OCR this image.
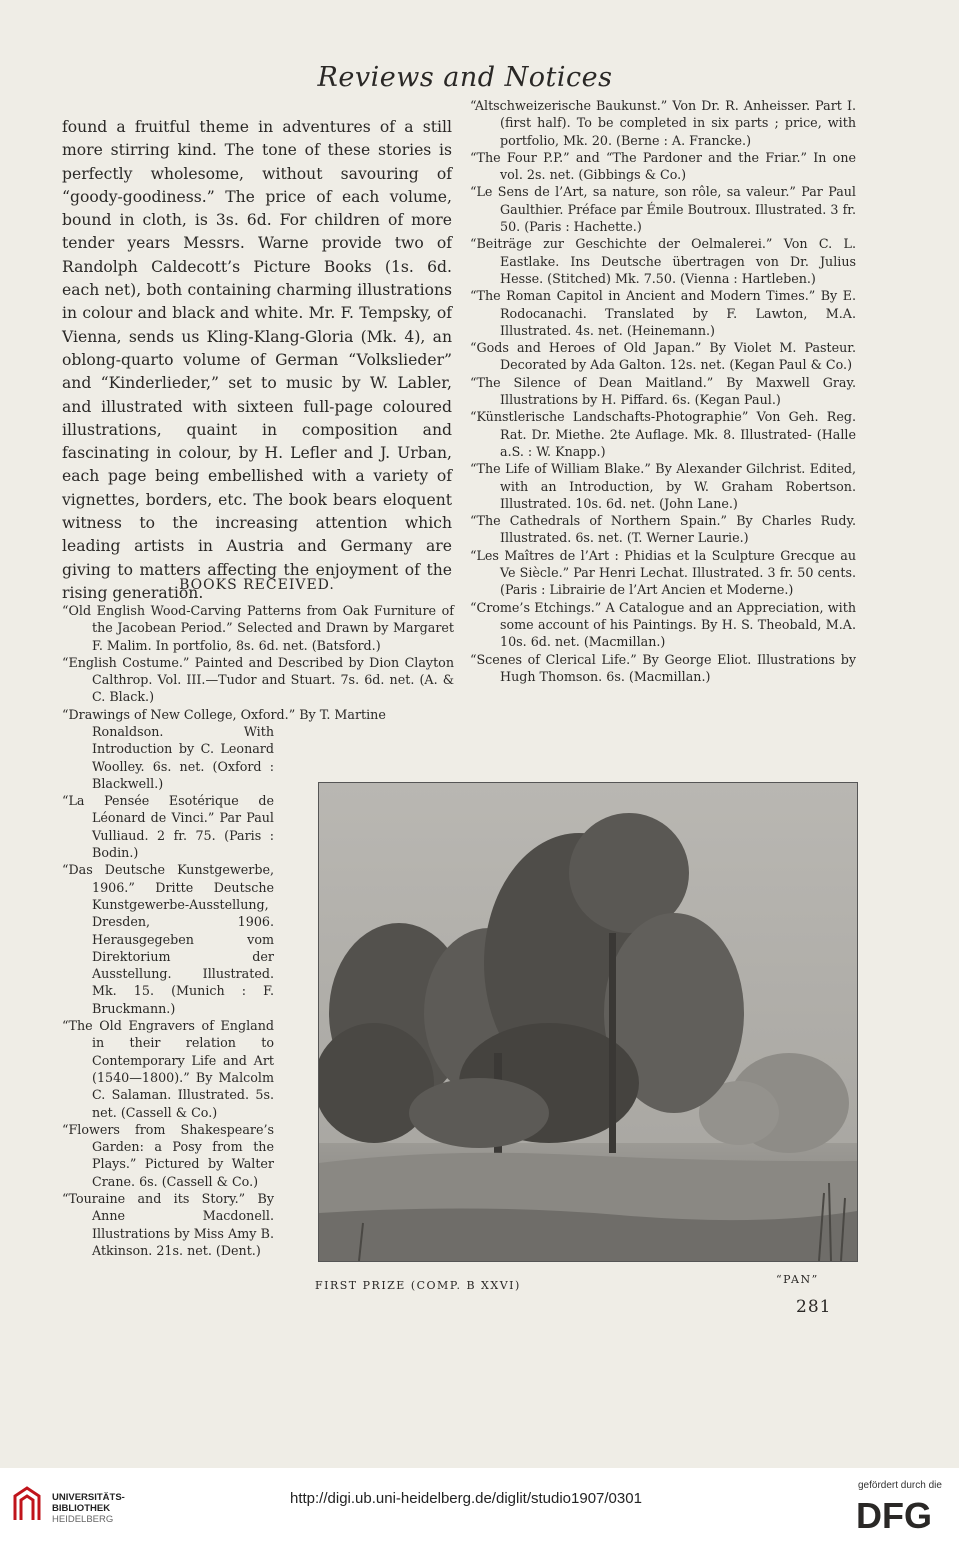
Reviews and Notices

found a fruitful theme in adventures of a still more stirring kind. The tone of these stories is perfectly wholesome, without savouring of “goody-goodiness.” The price of each volume, bound in cloth, is 3s. 6d. For children of more tender years Messrs. Warne provide two of Randolph Caldecott’s Picture Books (1s. 6d. each net), both containing charming illustrations in colour and black and white. Mr. F. Tempsky, of Vienna, sends us Kling-Klang-Gloria (Mk. 4), an oblong-quarto volume of German “Volkslieder” and “Kinderlieder,” set to music by W. Labler, and illustrated with sixteen full-page coloured illustrations, quaint in composition and fascinating in colour, by H. Lefler and J. Urban, each page being embellished with a variety of vignettes, borders, etc. The book bears eloquent witness to the increasing attention which leading artists in Austria and Germany are giving to matters affecting the enjoyment of the rising generation.

BOOKS RECEIVED.

“Old English Wood-Carving Patterns from Oak Furniture of the Jacobean Period.” Selected and Drawn by Margaret F. Malim. In portfolio, 8s. 6d. net. (Batsford.)

“English Costume.” Painted and Described by Dion Clayton Calthrop. Vol. III.—Tudor and Stuart. 7s. 6d. net. (A. & C. Black.)

“Drawings of New College, Oxford.” By T. Martine

Ronaldson. With Introduction by C. Leonard Woolley. 6s. net. (Oxford : Blackwell.)

“La Pensée Esotérique de Léonard de Vinci.” Par Paul Vulliaud. 2 fr. 75. (Paris : Bodin.)

“Das Deutsche Kunstgewerbe, 1906.” Dritte Deutsche Kunstgewerbe-Ausstellung, Dresden, 1906. Herausgegeben vom Direktorium der Ausstellung. Illustrated. Mk. 15. (Munich : F. Bruckmann.)

“The Old Engravers of England in their relation to Contemporary Life and Art (1540—1800).” By Malcolm C. Salaman. Illustrated. 5s. net. (Cassell & Co.)

“Flowers from Shakespeare’s Garden: a Posy from the Plays.” Pictured by Walter Crane. 6s. (Cassell & Co.)

“Touraine and its Story.” By Anne Macdonell. Illustrations by Miss Amy B. Atkinson. 21s. net. (Dent.)

“Altschweizerische Baukunst.” Von Dr. R. Anheisser. Part I. (first half). To be completed in six parts ; price, with portfolio, Mk. 20. (Berne : A. Francke.)

“The Four P.P.” and “The Pardoner and the Friar.” In one vol. 2s. net. (Gibbings & Co.)

“Le Sens de l’Art, sa nature, son rôle, sa valeur.” Par Paul Gaulthier. Préface par Émile Boutroux. Illustrated. 3 fr. 50. (Paris : Hachette.)

“Beiträge zur Geschichte der Oelmalerei.” Von C. L. Eastlake. Ins Deutsche übertragen von Dr. Julius Hesse. (Stitched) Mk. 7.50. (Vienna : Hartleben.)

“The Roman Capitol in Ancient and Modern Times.” By E. Rodocanachi. Translated by F. Lawton, M.A. Illustrated. 4s. net. (Heinemann.)

“Gods and Heroes of Old Japan.” By Violet M. Pasteur. Decorated by Ada Galton. 12s. net. (Kegan Paul & Co.)

“The Silence of Dean Maitland.” By Maxwell Gray. Illustrations by H. Piffard. 6s. (Kegan Paul.)

“Künstlerische Landschafts-Photographie” Von Geh. Reg. Rat. Dr. Miethe. 2te Auflage. Mk. 8. Illustrated- (Halle a.S. : W. Knapp.)

“The Life of William Blake.” By Alexander Gilchrist. Edited, with an Introduction, by W. Graham Robertson. Illustrated. 10s. 6d. net. (John Lane.)

“The Cathedrals of Northern Spain.” By Charles Rudy. Illustrated. 6s. net. (T. Werner Laurie.)

“Les Maîtres de l’Art : Phidias et la Sculpture Grecque au Ve Siècle.” Par Henri Lechat. Illustrated. 3 fr. 50 cents. (Paris : Librairie de l’Art Ancien et Moderne.)

“Crome’s Etchings.” A Catalogue and an Appreciation, with some account of his Paintings. By H. S. Theobald, M.A. 10s. 6d. net. (Macmillan.)

“Scenes of Clerical Life.” By George Eliot. Illustrations by Hugh Thomson. 6s. (Macmillan.)

FIRST PRIZE (COMP. B XXVI)	“PAN”
281
UNIVERSITÄTS-
BIBLIOTHEK
HEIDELBERG
http://digi.ub.uni-heidelberg.de/diglit/studio1907/0301
gefördert durch die
DFG
